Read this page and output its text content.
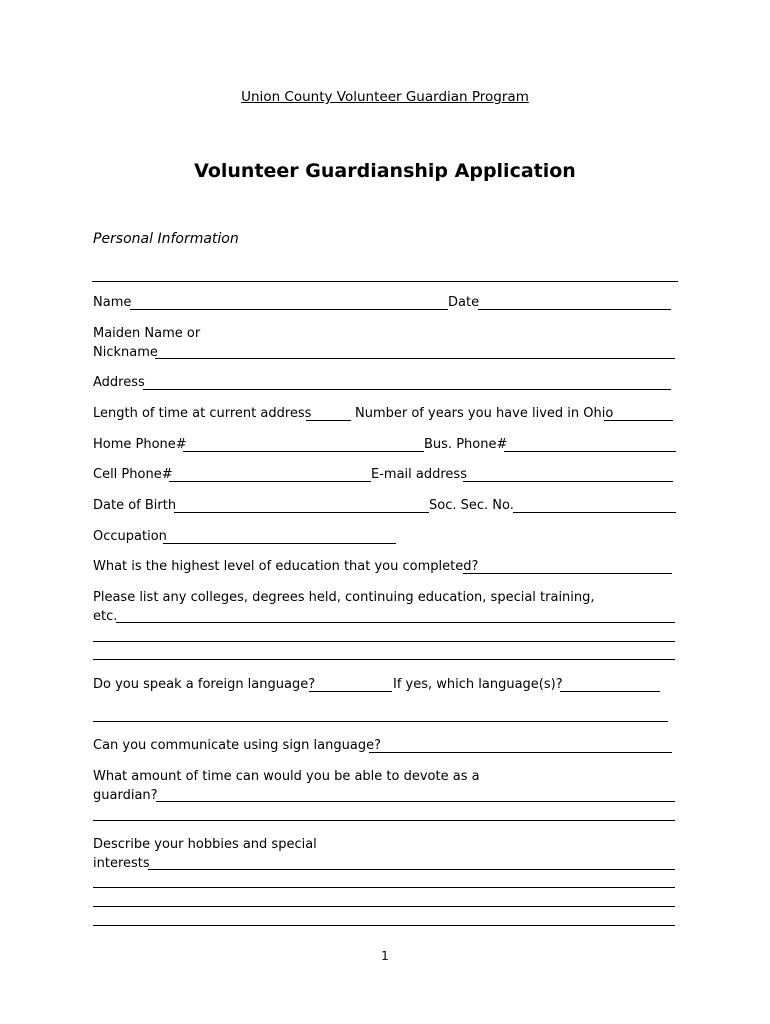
Union County Volunteer Guardian Program
Volunteer Guardianship Application
Personal Information
Name	Date
Maiden Name or
Nickname
Address
Length of time at current address	Number of years you have lived in Ohio
Home Phone#	Bus. Phone#
Cell Phone#	E-mail address
Date of Birth	Soc. Sec. No.
Occupation
What is the highest level of education that you completed?
Please list any colleges, degrees held, continuing education, special training,
etc.
Do you speak a foreign language?	If yes, which language(s)?
Can you communicate using sign language?
What amount of time can would you be able to devote as a
guardian?
Describe your hobbies and special
interests
1
